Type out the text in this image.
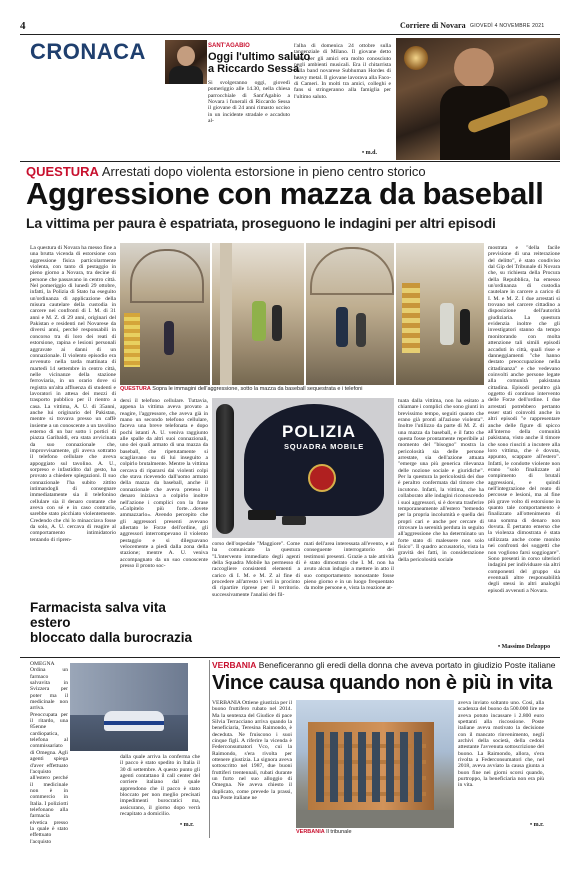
4	Corriere di Novara GIOVEDÌ 4 NOVEMBRE 2021
CRONACA	SANT'AGABIO
Oggi l'ultimo saluto
a Riccardo Sessa

Si svolgeranno oggi, giovedì pomeriggio alle 14.30, nella chiesa parrocchiale di Sant'Agabio a Novara i funerali di Riccardo Sessa il giovane di 24 anni rimasto ucciso in un incidente stradale e accaduto al-

l'alba di domenica 24 ottobre sulla tangenziale di Milano. Il giovane detto Riky per gli amici era molto conosciuto negli ambienti musicali. Era il chitarrista della band novarese Subhuman Hordes di heavy metal. Il giovane lavorava alla Faco-di Cameri. In molti tra amici, colleghi e fans si stringeranno alla famiglia per l'ultimo saluto.

• m.d.
QUESTURA Arrestati dopo violenta estorsione in pieno centro storico
Aggressione con mazza da baseball
La vittima per paura è espatriata, proseguono le indagini per altri episodi

La questura di Novara ha messo fine a una brutta vicenda di estorsione con aggressione fisica particolarmente violenta, con tanto di pestaggio in pieno giorno a Novara, tra decine di persone che passavano in centro città. Nel pomeriggio di lunedì 29 ottobre, infatti, la Polizia di Stato ha eseguito un'ordinanza di applicazione della misura cautelare della custodia in carcere nei confronti di I. M. di 31 anni e M. Z. di 29 anni, originari del Pakistan e residenti nel Novarese da diversi anni, perché responsabili in concorso tra di loro dei reati di estorsione, rapina e lesioni personali aggravate ai danni di un connazionale. Il violento episodio era avvenuto nella tarda mattinata di martedì 14 settembre in centro città, nelle vicinanze della stazione ferroviaria, in un orario dove si registra un'alta affluenza di studenti e lavoratori in attesa dei mezzi di trasporto pubblico per il rientro a casa. La vittima, A. U. di 35anni, anche lui originario del Pakistan, mentre si trovava presso un caffè insieme a un conoscente a un tavolino esterno di un bar sotto i portici di piazza Garibaldi, era stata avvicinata da suo connazionale che, improvvisamente, gli aveva sottratto il telefono cellulare che aveva appoggiato sul tavolino. A. U., sorpreso e infastidito dal gesto, ha provato a chiedere spiegazioni. Il suo connazionale l'ha subito zittito intimandogli di consegnare immediatamente sia il telefonino cellulare sia il denaro contante che aveva con sé e in caso contrario, sarebbe stato picchiato violentemente. Credendo che chi lo minacciava fosse da solo, A. U. cercava di reagire al comportamento intimidatorio tentando di ripren-

QUESTURA Sopra le immagini dell'aggressione, sotto la mazza da baseball sequestrata e i telefoni

dersi il telefono cellulare. Tuttavia, appena la vittima aveva provato a reagire, l'aggressore, che aveva già in mano un secondo telefono cellulare, faceva una breve telefonata e dopo pochi istanti A. U. veniva raggiunto alle spalle da altri suoi connazionali, uno dei quali armato di una mazza da baseball, che ripetutamente si scagliavano su di lui inseguito a colpirlo brutalmente. Mentre la vittima cercava di ripararsi dai violenti colpi che stava ricevendo dall'uomo armato della mazza da baseball, anche il connazionale che aveva preteso il denaro iniziava a colpirlo inoltre nell'azione i complici con la frase «Colpitelo più forte…dovete ammazzarlo». Avendo percepito che gli aggressori presenti avevano allertato le Forze dell'ordine, gli aggressori interrompevano il violento pestaggio e si dileguavano velocemente a piedi dalla zona della stazione; mentre A. U. veniva accompagnato da un suo conoscente presso il pronto soc-

POLIZIA
SQUADRA MOBILE

corso dell'ospedale "Maggiore". Come ha comunicato la questura "L'intervento immediato degli agenti della Squadra Mobile ha permesso di raccogliere consistenti elementi a carico di I. M. e M. Z al fine di procedere all'arresto i veri in procinto di ripartire riprese per il territorio. successivamente l'analisi dei fil-

mati dell'area interessata all'evento, e al conseguente interrogatorio dei testimoni presenti. Grazie a tale attività è stato dimostrato che I. M. non ha avuto alcun indugio a mettere in atto il suo comportamento nonostante fosse pieno giorno e in un luogo frequentato da molte persone e, vista la reazione at-

tuata dalla vittima, non ha esitato a chiamare i complici che sono giunti in brevissimo tempo, seguiti quanto che erano già pronti all'azione violenta". Inoltre l'utilizzo da parte di M. Z. di una mazza da baseball, e il fatto che questa fosse prontamente reperibile al momento del "bisogno" mostra la pericolosità sia delle persone arrestate, sia dell'azione attuata "emerge una più generica rilevanza delle nozione sociale e giuridiche". Per la questura la pericolosità dei due è peraltro confermata dal timore che incutono. Infatti, la vittima, che ha collaborato alle indagini riconoscendo i suoi aggressori, si è dovuta trasferire temporaneamente all'estero "temendo per la propria incolumità e quella dei propri cari e anche per cercare di ritrovare la serenità perduta in seguito all'aggressione che ha determinato un forte stato di malessere non solo fisico". Il quadro accusatorio, vista la gravità dei fatti, in considerazione della pericolosità sociale

mostrata e "della facile previsione di una reiterazione del delitto", è stato condiviso dal Gip del Tribunale di Novara che, su richiesta della Procura della Repubblica, ha emesso un'ordinanza di custodia cautelare in carcere a carico di I. M. e M. Z. I due arrestati si trovano nel carcere cittadino a disposizione dell'autorità giudiziaria. La questura evidenzia inoltre che gli investigatori stanno da tempo monitorando con molta attenzione tali simili episodi accaduti in città, quali risse e danneggiamenti "che hanno destato preoccupazione nella cittadinanza" e che vedevano coinvolti anche persone legate alla comunità pakistana cittadina. Episodi peraltro già oggetto di continuo intervento delle Forze dell'ordine. I due arrestati potrebbero pertanto esser stati coinvolti anche in altri episodi "e rappresentare anche delle figure di spicco all'interno della comunità pakistana, visto anche il timore che sono riusciti a incutere alla loro vittima, che è dovuta, appunto, scappare all'estero". Infatti, le condotte violente non erano "solo finalizzate al compimento di brutali aggressioni, e quindi nell'integrazione del reato di percosse e lesioni, ma al fine più grave volto di estorsione in quanto tale comportamento è finalizzato all'ottenimento di una somma di denaro non dovuta. È pertanto emerso che la violenza dimostrata è stata utilizzata anche come monito nei confronti dei soggetti che non vogliono farsi soggiogare". Sono presenti in corso ulteriori indagini per individuare sia altri componenti del gruppo sia eventuali altre responsabilità degli stessi in altri analoghi episodi avvenuti a Novara.

• Massimo Delzoppo
Farmacista salva vita estero
bloccato dalla burocrazia

OMEGNA Ordina un farmaco salvavita in Svizzera per poter ma il medicinale non arriva. Preoccupata per il ritardo, una 85enne cardiopatica, telefona al commissariato di Omegna. Agli agenti spiega d'aver effettuato l'acquisto all'estero perché il medicinale non è in commercio in Italia. I poliziotti telefonano alla farmacia elvetica presso la quale è stato effettuato l'acquisto

dalla quale arriva la conferma che il pacco è stato spedito in Italia il 30 di settembre. A questo punto gli agenti contattano il call center del corriere italiano dal quale apprendono che il pacco è stato bloccato per non meglio precisati impedimenti burocratici ma, assicurano, il giorno dopo verrà recapitato a domicilio.

• m.r.
VERBANIA Beneficeranno gli eredi della donna che aveva portato in giudizio Poste italiane
Vince causa quando non è più in vita

VERBANIA Ottiene giustizia per il buono fruttifero rubato nel 2014. Ma la sentenza del Giudice di pace Silvia Terracciano arriva quando la beneficiaria, Teresina Raimondo, è deceduta. Ne fruiscono i suoi cinque figli. A riferire la vicenda è Federconsumatori Vco, cui la Raimondo, s'era rivolta per ottenere giustizia. La signora aveva sottoscritto nel 1987, due buoni fruttiferi trentennali, rubati durante un furto nel suo alloggio di Omegna. Ne aveva chiesto il duplicato, come prevede la prassi, ma Poste italiane ne

VERBANIA Il tribunale

aveva inviato soltanto uno. Così, alla scadenza del buono da 500.000 lire ne aveva potuto incassare i 2.800 euro spettanti alla riscossione. Poste italiane aveva motivato la decisione con il mancato rinvenimento, negli archivi della società, della cedola attestante l'avvenuta sottoscrizione del buono. La Raimondo, allora, s'era rivolta a Federconsumatori che, nel 2018, aveva avviato la causa giunta a buon fine nei giorni scorsi quando, purtroppo, la beneficiaria non era più in vita.

• m.r.
